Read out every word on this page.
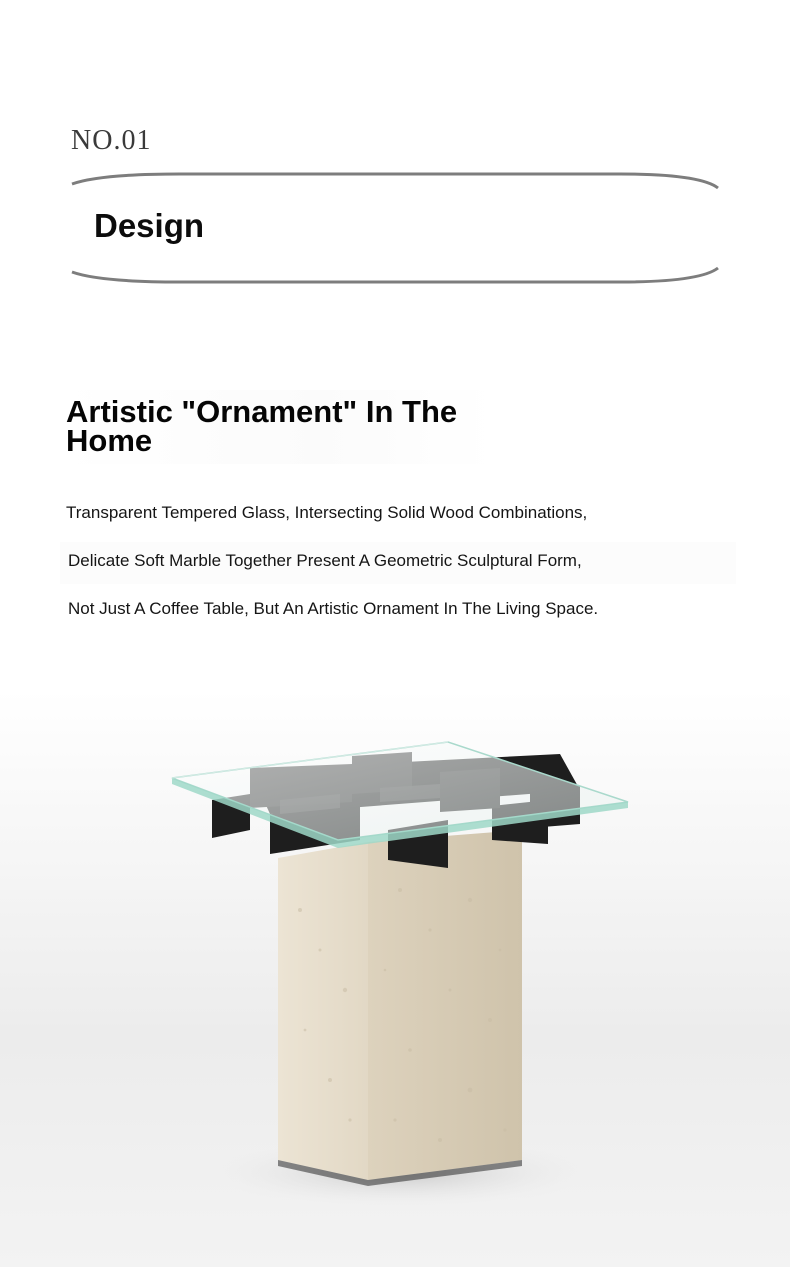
NO.01
Design
Artistic "Ornament" In The Home
Transparent Tempered Glass, Intersecting Solid Wood Combinations,
Delicate Soft Marble Together Present A Geometric Sculptural Form,
Not Just A Coffee Table, But An Artistic Ornament In The Living Space.
